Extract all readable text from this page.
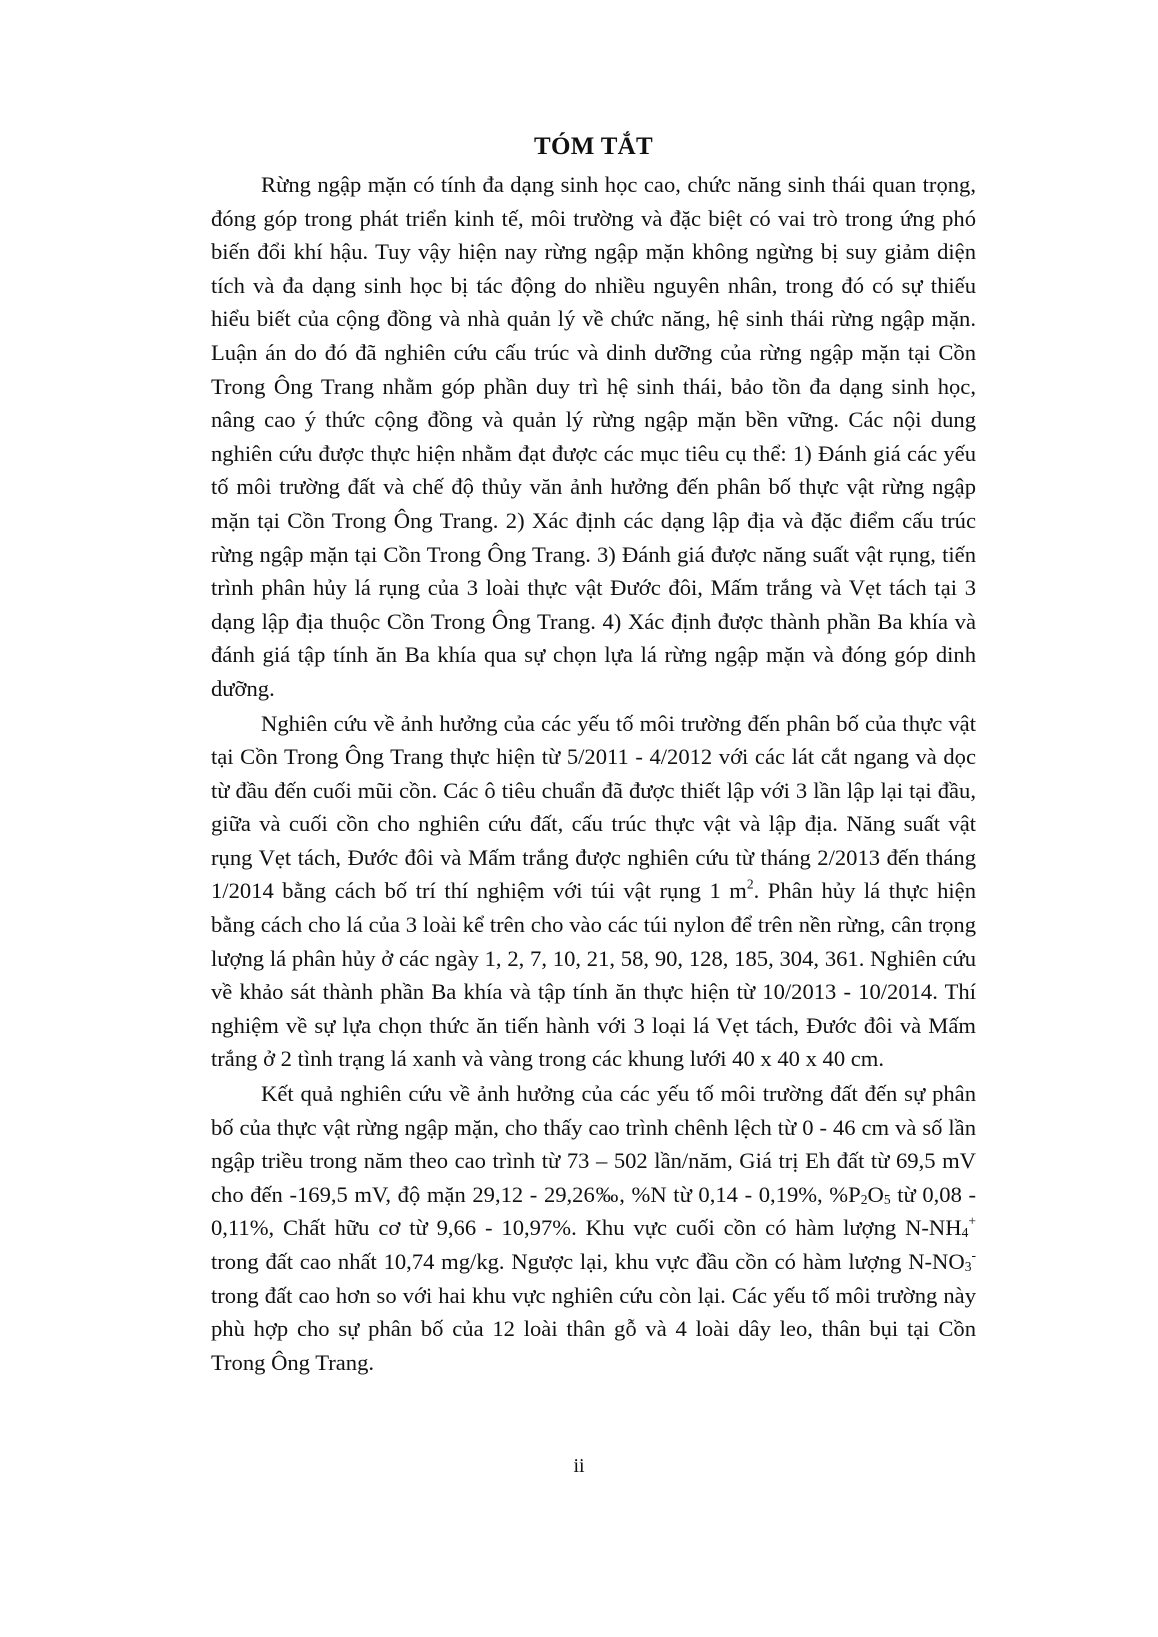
TÓM TẮT

Rừng ngập mặn có tính đa dạng sinh học cao, chức năng sinh thái quan trọng, đóng góp trong phát triển kinh tế, môi trường và đặc biệt có vai trò trong ứng phó biến đổi khí hậu. Tuy vậy hiện nay rừng ngập mặn không ngừng bị suy giảm diện tích và đa dạng sinh học bị tác động do nhiều nguyên nhân, trong đó có sự thiếu hiểu biết của cộng đồng và nhà quản lý về chức năng, hệ sinh thái rừng ngập mặn. Luận án do đó đã nghiên cứu cấu trúc và dinh dưỡng của rừng ngập mặn tại Cồn Trong Ông Trang nhằm góp phần duy trì hệ sinh thái, bảo tồn đa dạng sinh học, nâng cao ý thức cộng đồng và quản lý rừng ngập mặn bền vững. Các nội dung nghiên cứu được thực hiện nhằm đạt được các mục tiêu cụ thể: 1) Đánh giá các yếu tố môi trường đất và chế độ thủy văn ảnh hưởng đến phân bố thực vật rừng ngập mặn tại Cồn Trong Ông Trang. 2) Xác định các dạng lập địa và đặc điểm cấu trúc rừng ngập mặn tại Cồn Trong Ông Trang. 3) Đánh giá được năng suất vật rụng, tiến trình phân hủy lá rụng của 3 loài thực vật Đước đôi, Mấm trắng và Vẹt tách tại 3 dạng lập địa thuộc Cồn Trong Ông Trang. 4) Xác định được thành phần Ba khía và đánh giá tập tính ăn Ba khía qua sự chọn lựa lá rừng ngập mặn và đóng góp dinh dưỡng.

Nghiên cứu về ảnh hưởng của các yếu tố môi trường đến phân bố của thực vật tại Cồn Trong Ông Trang thực hiện từ 5/2011 - 4/2012 với các lát cắt ngang và dọc từ đầu đến cuối mũi cồn. Các ô tiêu chuẩn đã được thiết lập với 3 lần lập lại tại đầu, giữa và cuối cồn cho nghiên cứu đất, cấu trúc thực vật và lập địa. Năng suất vật rụng Vẹt tách, Đước đôi và Mấm trắng được nghiên cứu từ tháng 2/2013 đến tháng 1/2014 bằng cách bố trí thí nghiệm với túi vật rụng 1 $m^2$. Phân hủy lá thực hiện bằng cách cho lá của 3 loài kể trên cho vào các túi nylon để trên nền rừng, cân trọng lượng lá phân hủy ở các ngày 1, 2, 7, 10, 21, 58, 90, 128, 185, 304, 361. Nghiên cứu về khảo sát thành phần Ba khía và tập tính ăn thực hiện từ 10/2013 - 10/2014. Thí nghiệm về sự lựa chọn thức ăn tiến hành với 3 loại lá Vẹt tách, Đước đôi và Mấm trắng ở 2 tình trạng lá xanh và vàng trong các khung lưới 40 x 40 x 40 cm.

Kết quả nghiên cứu về ảnh hưởng của các yếu tố môi trường đất đến sự phân bố của thực vật rừng ngập mặn, cho thấy cao trình chênh lệch từ 0 - 46 cm và số lần ngập triều trong năm theo cao trình từ 73 – 502 lần/năm, Giá trị Eh đất từ 69,5 mV cho đến -169,5 mV, độ mặn 29,12 - 29,26‰, %N từ 0,14 - 0,19%, $\%P_2O_5$ từ 0,08 - 0,11%, Chất hữu cơ từ 9,66 - 10,97%. Khu vực cuối cồn có hàm lượng $N-NH_4^+$ trong đất cao nhất 10,74 mg/kg. Ngược lại, khu vực đầu cồn có hàm lượng $N-NO_3^-$ trong đất cao hơn so với hai khu vực nghiên cứu còn lại. Các yếu tố môi trường này phù hợp cho sự phân bố của 12 loài thân gỗ và 4 loài dây leo, thân bụi tại Cồn Trong Ông Trang.

ii
